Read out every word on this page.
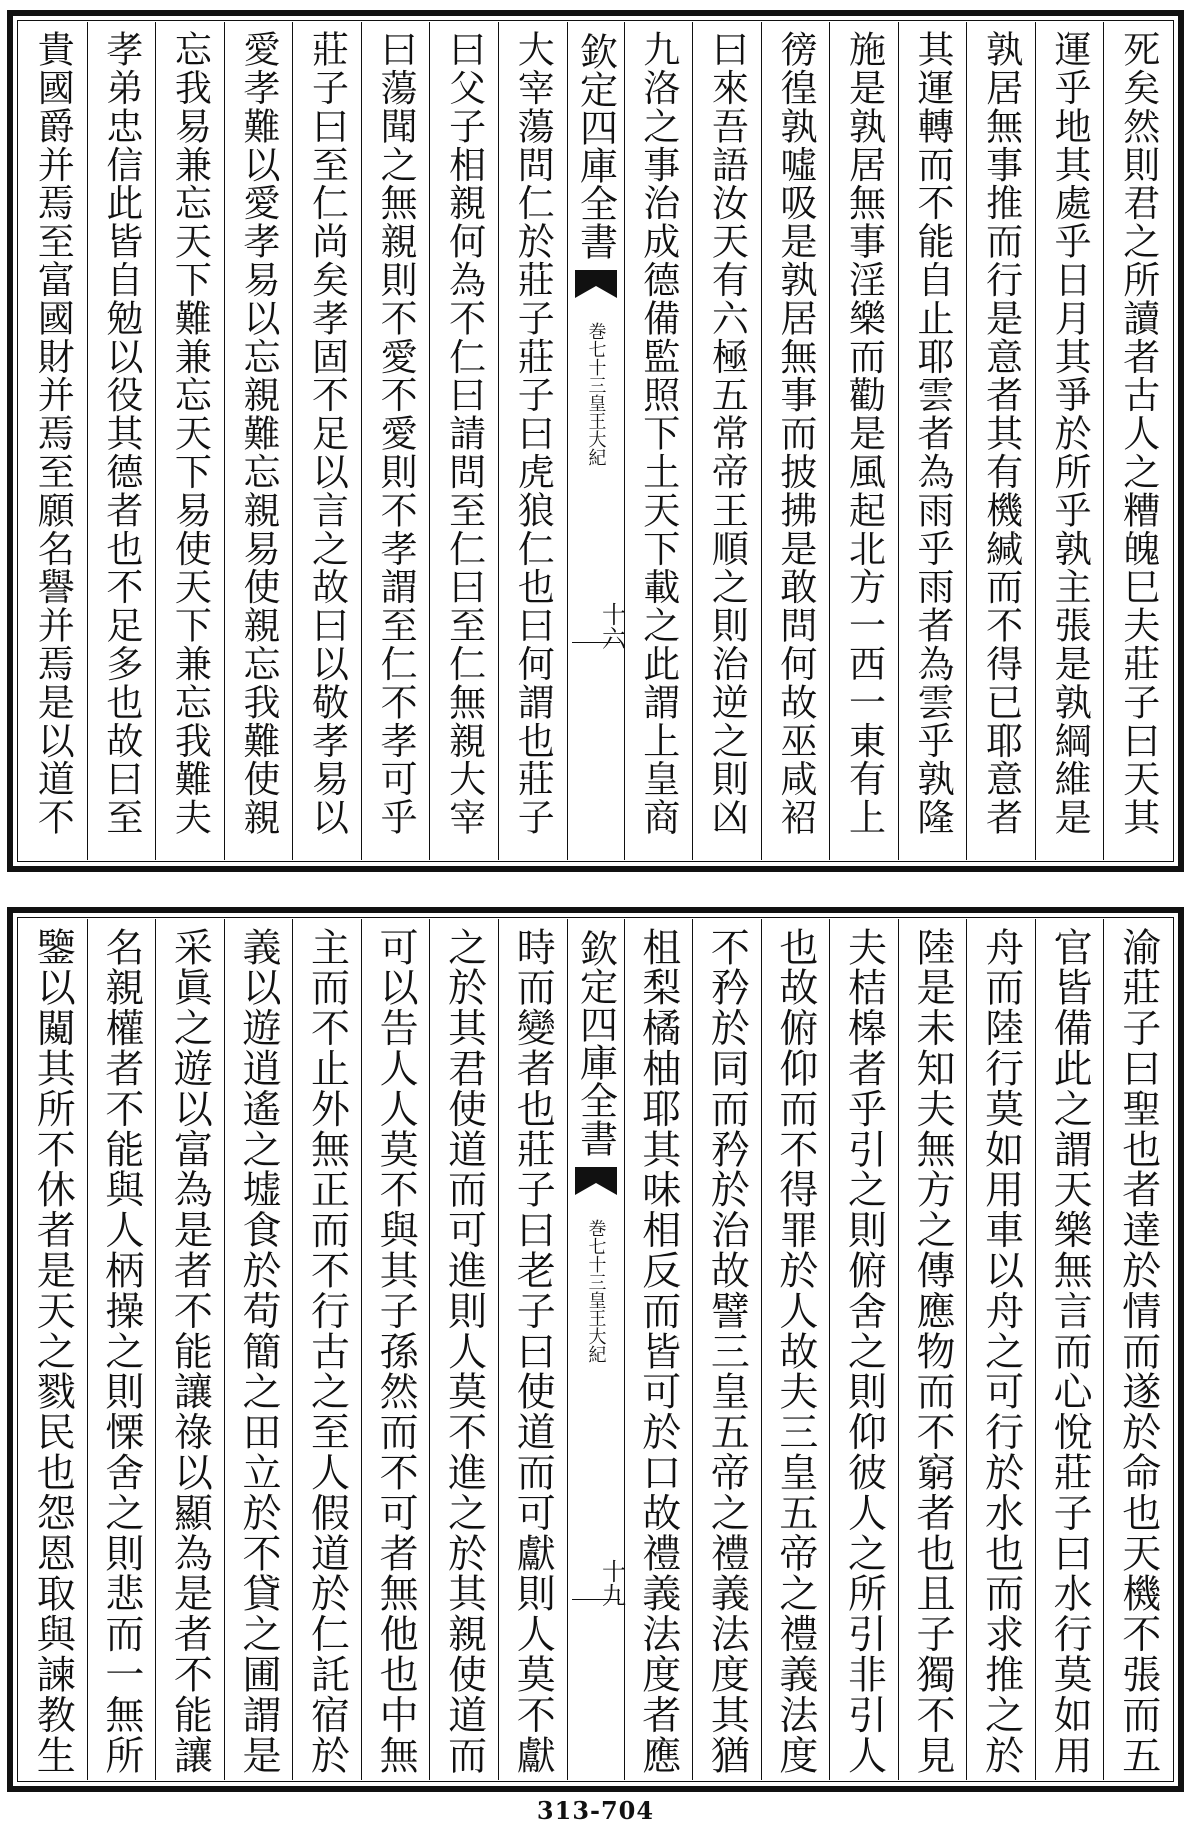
死矣然則君之所讀者古人之糟魄巳夫莊子曰天其
運乎地其處乎日月其爭於所乎孰主張是孰綱維是
孰居無事推而行是意者其有機緘而不得已耶意者
其運轉而不能自止耶雲者為雨乎雨者為雲乎孰隆
施是孰居無事淫樂而勸是風起北方一西一東有上
徬徨孰噓吸是孰居無事而披拂是敢問何故巫咸袑
曰來吾語汝天有六極五常帝王順之則治逆之則凶
九洛之事治成德備監照下土天下載之此謂上皇商
欽定四庫全書
皇王大紀
巻七十三
十六
大宰蕩問仁於莊子莊子曰虎狼仁也曰何謂也莊子
曰父子相親何為不仁曰請問至仁曰至仁無親大宰
曰蕩聞之無親則不愛不愛則不孝謂至仁不孝可乎
莊子曰至仁尚矣孝固不足以言之故曰以敬孝易以
愛孝難以愛孝易以忘親難忘親易使親忘我難使親
忘我易兼忘天下難兼忘天下易使天下兼忘我難夫
孝弟忠信此皆自勉以役其德者也不足多也故曰至
貴國爵并焉至富國財并焉至願名譽并焉是以道不
渝莊子曰聖也者達於情而遂於命也天機不張而五
官皆備此之謂天樂無言而心悅莊子曰水行莫如用
舟而陸行莫如用車以舟之可行於水也而求推之於
陸是未知夫無方之傳應物而不窮者也且子獨不見
夫桔槔者乎引之則俯舍之則仰彼人之所引非引人
也故俯仰而不得罪於人故夫三皇五帝之禮義法度
不矜於同而矜於治故譬三皇五帝之禮義法度其猶
柤梨橘柚耶其味相反而皆可於口故禮義法度者應
欽定四庫全書
皇王大紀
巻七十三
十九
時而變者也莊子曰老子曰使道而可獻則人莫不獻
之於其君使道而可進則人莫不進之於其親使道而
可以告人人莫不與其子孫然而不可者無他也中無
主而不止外無正而不行古之至人假道於仁託宿於
義以遊逍遙之墟食於苟簡之田立於不貸之圃謂是
采眞之遊以富為是者不能讓祿以顯為是者不能讓
名親權者不能與人柄操之則慄舍之則悲而一無所
鑒以闚其所不休者是天之戮民也怨恩取與諫教生
313-704
